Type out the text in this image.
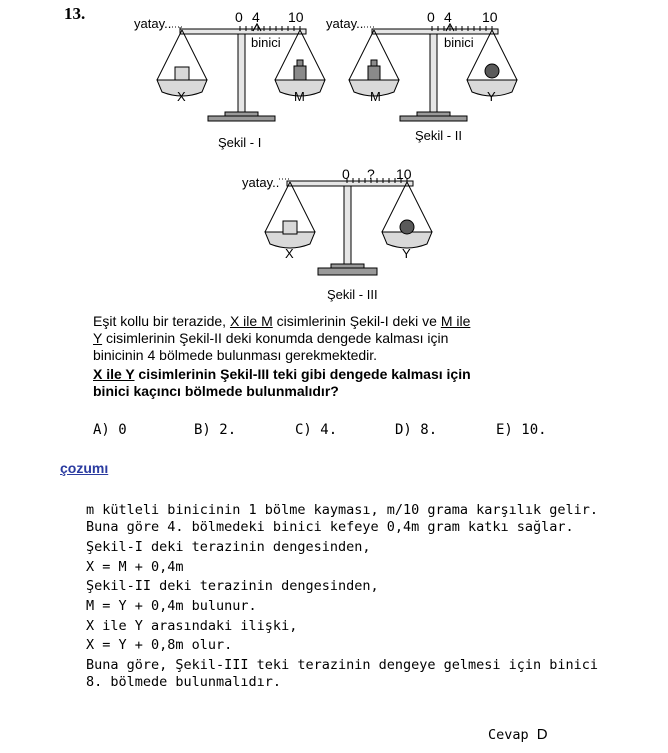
13.
yatay..	0 4 10
binici
X	M
Şekil - I
yatay..	0 4 10
binici
M	Y
Şekil - II
yatay..
0 ? 10
X	Y
Şekil - III
Eşit kollu bir terazide, X ile M cisimlerinin Şekil-I deki ve M ile
Y cisimlerinin Şekil-II deki konumda dengede kalması için
binicinin 4 bölmede bulunması gerekmektedir.
X ile Y cisimlerinin Şekil-III teki gibi dengede kalması için
binici kaçıncı bölmede bulunmalıdır?
A) 0	B) 2.	C) 4.	D) 8.	E) 10.
çozumı
m kütleli binicinin 1 bölme kayması, m/10 grama karşılık gelir.
Buna göre 4. bölmedeki binici kefeye 0,4m gram katkı sağlar.
Şekil-I deki terazinin dengesinden,
X = M + 0,4m
Şekil-II deki terazinin dengesinden,
M = Y + 0,4m bulunur.
X ile Y arasındaki ilişki,
X = Y + 0,8m olur.
Buna göre, Şekil-III teki terazinin dengeye gelmesi için binici
8. bölmede bulunmalıdır.
Cevap D
